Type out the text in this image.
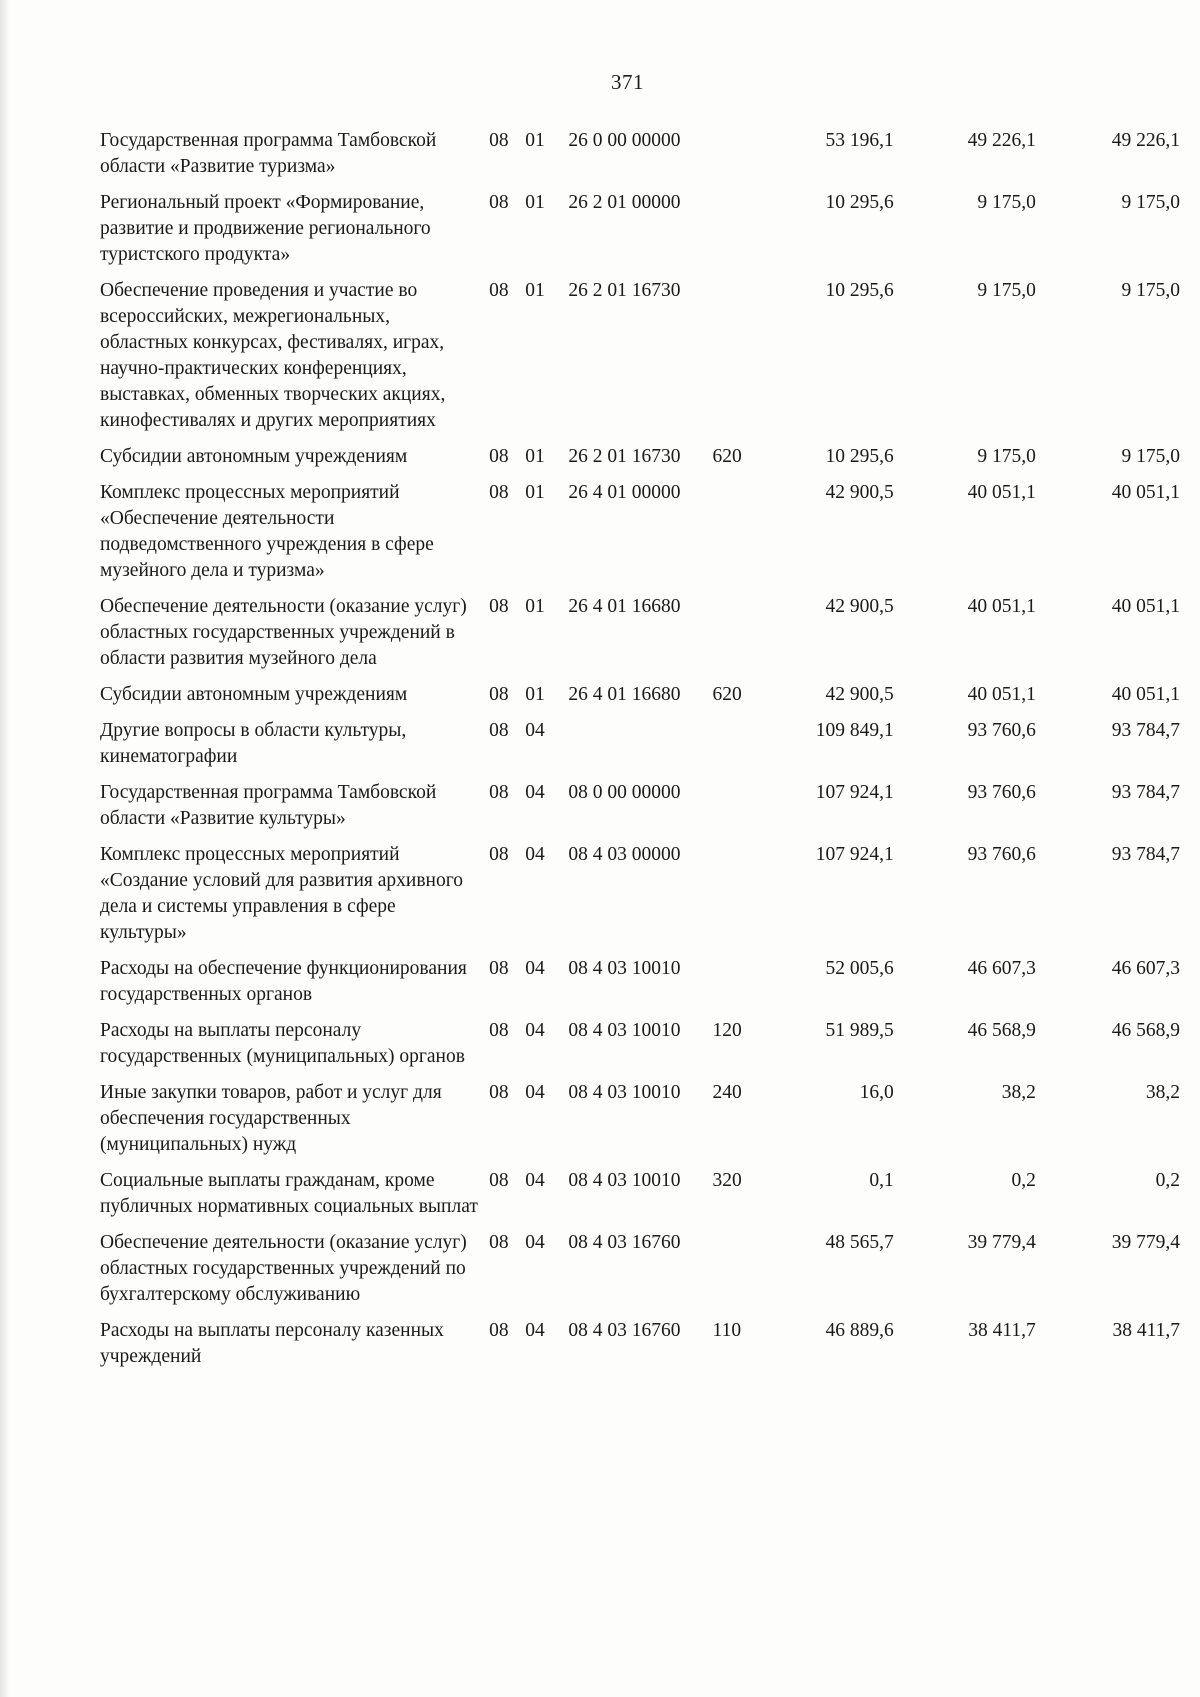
371
Государственная программа Тамбовской области «Развитие туризма»	08	01	26 0 00 00000		53 196,1	49 226,1	49 226,1
Региональный проект «Формирование, развитие и продвижение регионального туристского продукта»	08	01	26 2 01 00000		10 295,6	9 175,0	9 175,0
Обеспечение проведения и участие во всероссийских, межрегиональных, областных конкурсах, фестивалях, играх, научно-практических конференциях, выставках, обменных творческих акциях, кинофестивалях и других мероприятиях	08	01	26 2 01 16730		10 295,6	9 175,0	9 175,0
Субсидии автономным учреждениям	08	01	26 2 01 16730	620	10 295,6	9 175,0	9 175,0
Комплекс процессных мероприятий «Обеспечение деятельности подведомственного учреждения в сфере музейного дела и туризма»	08	01	26 4 01 00000		42 900,5	40 051,1	40 051,1
Обеспечение деятельности (оказание услуг) областных государственных учреждений в области развития музейного дела	08	01	26 4 01 16680		42 900,5	40 051,1	40 051,1
Субсидии автономным учреждениям	08	01	26 4 01 16680	620	42 900,5	40 051,1	40 051,1
Другие вопросы в области культуры, кинематографии	08	04			109 849,1	93 760,6	93 784,7
Государственная программа Тамбовской области «Развитие культуры»	08	04	08 0 00 00000		107 924,1	93 760,6	93 784,7
Комплекс процессных мероприятий «Создание условий для развития архивного дела и системы управления в сфере культуры»	08	04	08 4 03 00000		107 924,1	93 760,6	93 784,7
Расходы на обеспечение функционирования государственных органов	08	04	08 4 03 10010		52 005,6	46 607,3	46 607,3
Расходы на выплаты персоналу государственных (муниципальных) органов	08	04	08 4 03 10010	120	51 989,5	46 568,9	46 568,9
Иные закупки товаров, работ и услуг для обеспечения государственных (муниципальных) нужд	08	04	08 4 03 10010	240	16,0	38,2	38,2
Социальные выплаты гражданам, кроме публичных нормативных социальных выплат	08	04	08 4 03 10010	320	0,1	0,2	0,2
Обеспечение деятельности (оказание услуг) областных государственных учреждений по бухгалтерскому обслуживанию	08	04	08 4 03 16760		48 565,7	39 779,4	39 779,4
Расходы на выплаты персоналу казенных учреждений	08	04	08 4 03 16760	110	46 889,6	38 411,7	38 411,7
